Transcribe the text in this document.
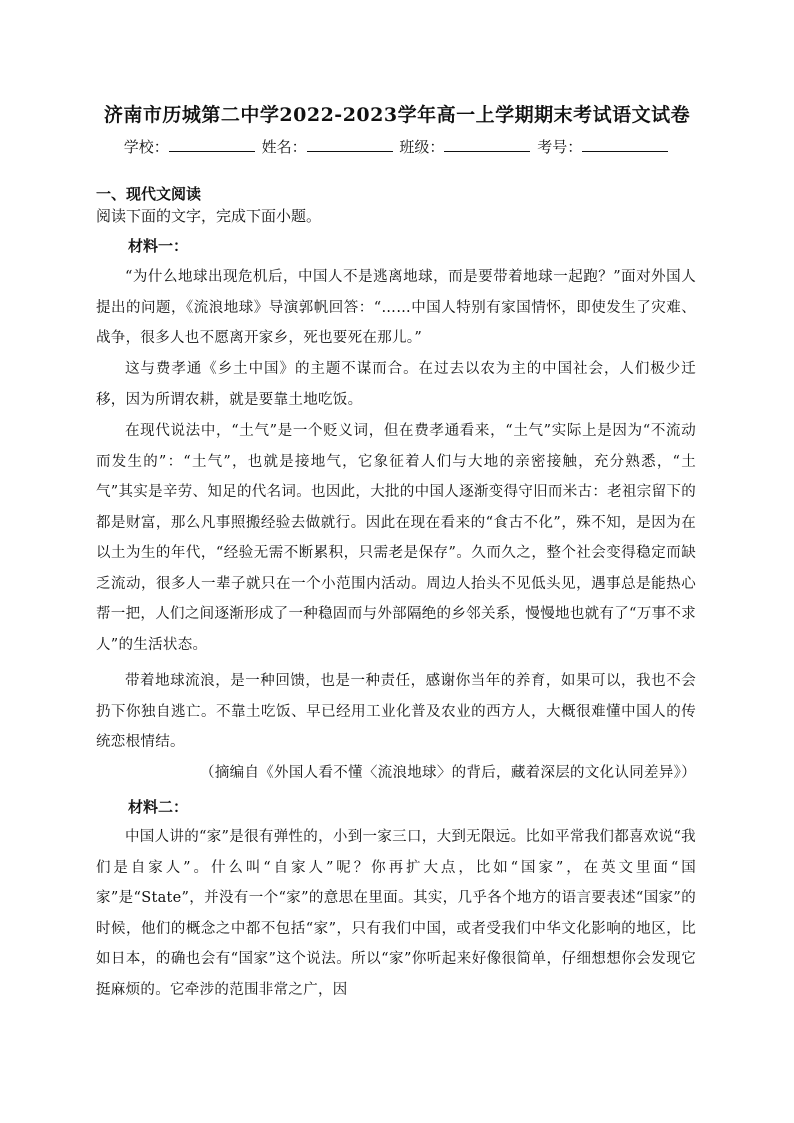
济南市历城第二中学2022-2023学年高一上学期期末考试语文试卷
学校：	姓名：	班级：	考号：
一、现代文阅读
阅读下面的文字，完成下面小题。
材料一：
“为什么地球出现危机后，中国人不是逃离地球，而是要带着地球一起跑？”面对外国人提出的问题，《流浪地球》导演郭帆回答：“……中国人特别有家国情怀，即使发生了灾难、战争，很多人也不愿离开家乡，死也要死在那儿。”
这与费孝通《乡土中国》的主题不谋而合。在过去以农为主的中国社会，人们极少迁移，因为所谓农耕，就是要靠土地吃饭。
在现代说法中，“土气”是一个贬义词，但在费孝通看来，“土气”实际上是因为“不流动而发生的”：“土气”，也就是接地气，它象征着人们与大地的亲密接触，充分熟悉，“土气”其实是辛劳、知足的代名词。也因此，大批的中国人逐渐变得守旧而米古：老祖宗留下的都是财富，那么凡事照搬经验去做就行。因此在现在看来的“食古不化”，殊不知，是因为在以土为生的年代，“经验无需不断累积，只需老是保存”。久而久之，整个社会变得稳定而缺乏流动，很多人一辈子就只在一个小范围内活动。周边人抬头不见低头见，遇事总是能热心帮一把，人们之间逐渐形成了一种稳固而与外部隔绝的乡邻关系，慢慢地也就有了“万事不求人”的生活状态。
带着地球流浪，是一种回馈，也是一种责任，感谢你当年的养育，如果可以，我也不会扔下你独自逃亡。不靠土吃饭、早已经用工业化普及农业的西方人，大概很难懂中国人的传统恋根情结。
（摘编自《外国人看不懂〈流浪地球〉的背后，藏着深层的文化认同差异》）
材料二：
中国人讲的“家”是很有弹性的，小到一家三口，大到无限远。比如平常我们都喜欢说“我们是自家人”。什么叫“自家人”呢？你再扩大点，比如“国家”，在英文里面“国家”是“State”，并没有一个“家”的意思在里面。其实，几乎各个地方的语言要表述“国家”的时候，他们的概念之中都不包括“家”，只有我们中国，或者受我们中华文化影响的地区，比如日本，的确也会有“国家”这个说法。所以“家”你听起来好像很简单，仔细想想你会发现它挺麻烦的。它牵涉的范围非常之广，因
